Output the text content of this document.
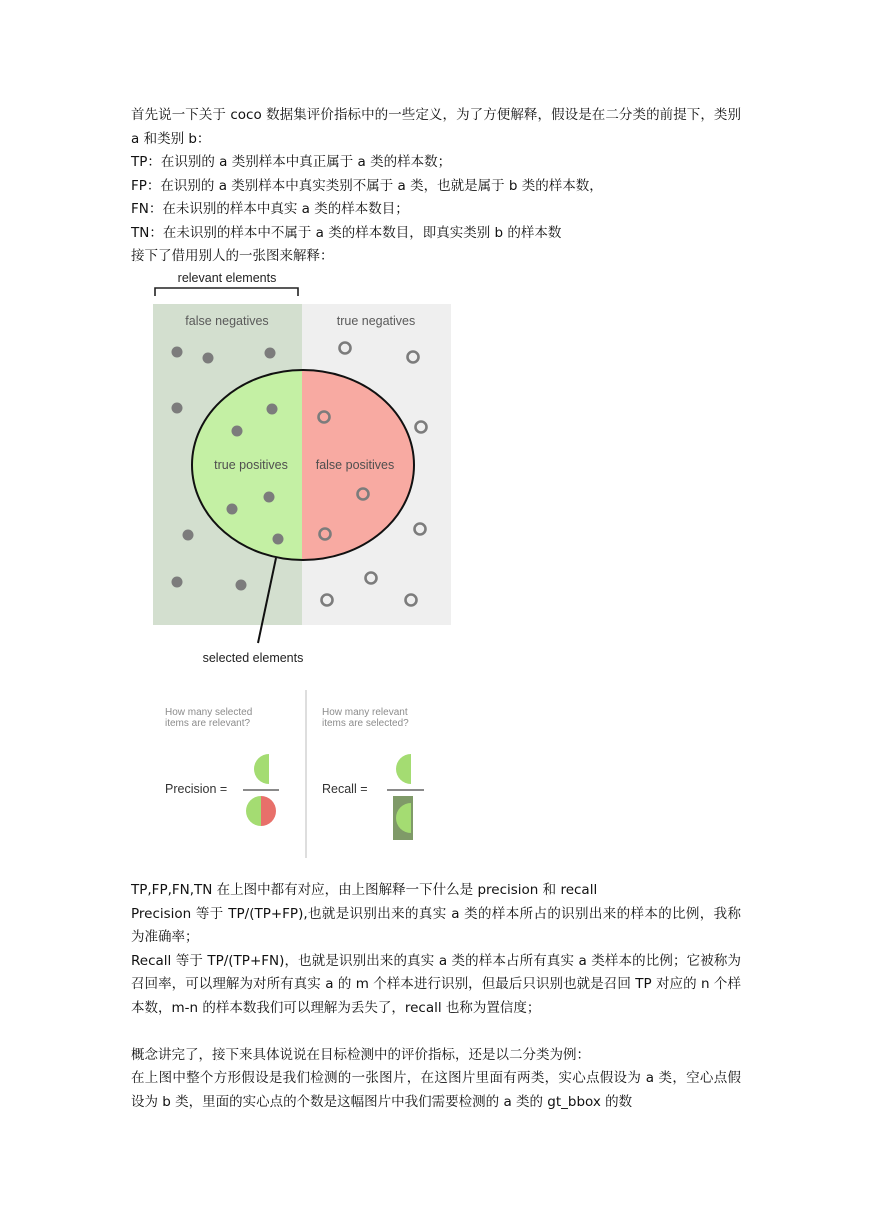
首先说一下关于 coco 数据集评价指标中的一些定义，为了方便解释，假设是在二分类的前提下，类别 a 和类别 b：

TP：在识别的 a 类别样本中真正属于 a 类的样本数；

FP：在识别的 a 类别样本中真实类别不属于 a 类，也就是属于 b 类的样本数，

FN：在未识别的样本中真实 a 类的样本数目；

TN：在未识别的样本中不属于 a 类的样本数目，即真实类别 b 的样本数

接下了借用别人的一张图来解释：

relevant elements
false negatives	true negatives
true positives false positives
selected elements
How many selected
items are relevant?
Precision =
How many relevant
items are selected?
Recall =

TP,FP,FN,TN 在上图中都有对应，由上图解释一下什么是 precision 和 recall

Precision 等于 TP/(TP+FP),也就是识别出来的真实 a 类的样本所占的识别出来的样本的比例，我称为准确率；

Recall 等于 TP/(TP+FN)，也就是识别出来的真实 a 类的样本占所有真实 a 类样本的比例；它被称为召回率，可以理解为对所有真实 a 的 m 个样本进行识别，但最后只识别也就是召回 TP 对应的 n 个样本数，m-n 的样本数我们可以理解为丢失了，recall 也称为置信度；

概念讲完了，接下来具体说说在目标检测中的评价指标，还是以二分类为例：

在上图中整个方形假设是我们检测的一张图片，在这图片里面有两类，实心点假设为 a 类，空心点假设为 b 类，里面的实心点的个数是这幅图片中我们需要检测的 a 类的 gt_bbox 的数
